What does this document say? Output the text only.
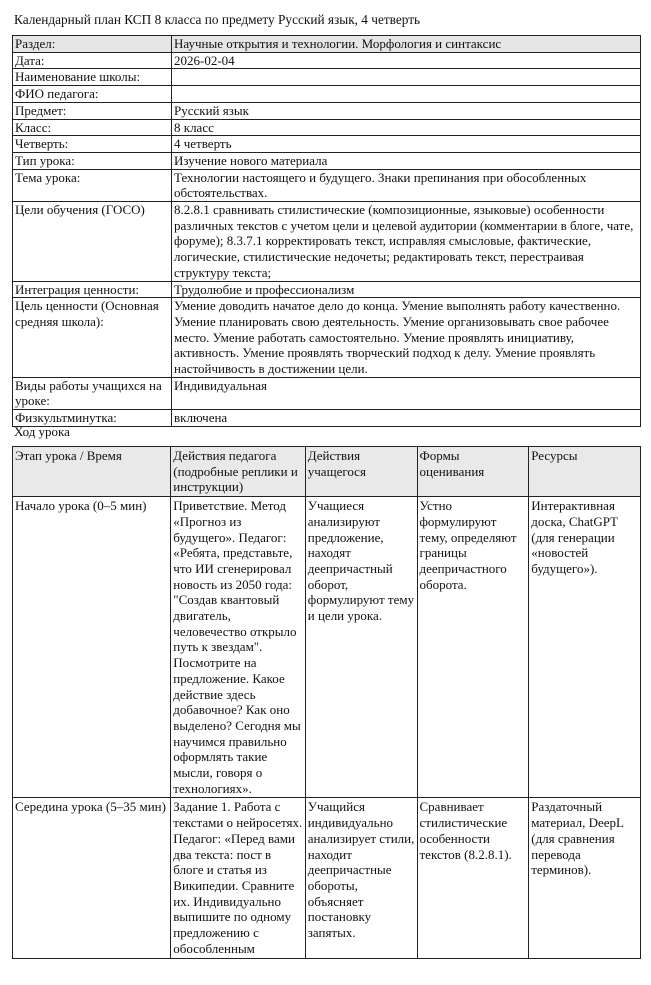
Календарный план КСП 8 класса по предмету Русский язык, 4 четверть
Раздел:	Научные открытия и технологии. Морфология и синтаксис
Дата:	2026-02-04
Наименование школы:	
ФИО педагога:	
Предмет:	Русский язык
Класс:	8 класс
Четверть:	4 четверть
Тип урока:	Изучение нового материала
Тема урока:	Технологии настоящего и будущего. Знаки препинания при обособленных обстоятельствах.
Цели обучения (ГОСО)	8.2.8.1 сравнивать стилистические (композиционные, языковые) особенности различных текстов с учетом цели и целевой аудитории (комментарии в блоге, чате, форуме); 8.3.7.1 корректировать текст, исправляя смысловые, фактические, логические, стилистические недочеты; редактировать текст, перестраивая структуру текста;
Интеграция ценности:	Трудолюбие и профессионализм
Цель ценности (Основная средняя школа):	Умение доводить начатое дело до конца. Умение выполнять работу качественно. Умение планировать свою деятельность. Умение организовывать свое рабочее место. Умение работать самостоятельно. Умение проявлять инициативу, активность. Умение проявлять творческий подход к делу. Умение проявлять настойчивость в достижении цели.
Виды работы учащихся на уроке:	Индивидуальная
Физкультминутка:	включена
Ход урока
Этап урока / Время	Действия педагога (подробные реплики и инструкции)	Действия учащегося	Формы оценивания	Ресурсы
Начало урока (0–5 мин)	Приветствие. Метод «Прогноз из будущего». Педагог: «Ребята, представьте, что ИИ сгенерировал новость из 2050 года: "Создав квантовый двигатель, человечество открыло путь к звездам". Посмотрите на предложение. Какое действие здесь добавочное? Как оно выделено? Сегодня мы научимся правильно оформлять такие мысли, говоря о технологиях».	Учащиеся анализируют предложение, находят деепричастный оборот, формулируют тему и цели урока.	Устно формулируют тему, определяют границы деепричастного оборота.	Интерактивная доска, ChatGPT (для генерации «новостей будущего»).
Середина урока (5–35 мин)	Задание 1. Работа с текстами о нейросетях. Педагог: «Перед вами два текста: пост в блоге и статья из Википедии. Сравните их. Индивидуально выпишите по одному предложению с обособленным	Учащийся индивидуально анализирует стили, находит деепричастные обороты, объясняет постановку запятых.	Сравнивает стилистические особенности текстов (8.2.8.1).	Раздаточный материал, DeepL (для сравнения перевода терминов).
